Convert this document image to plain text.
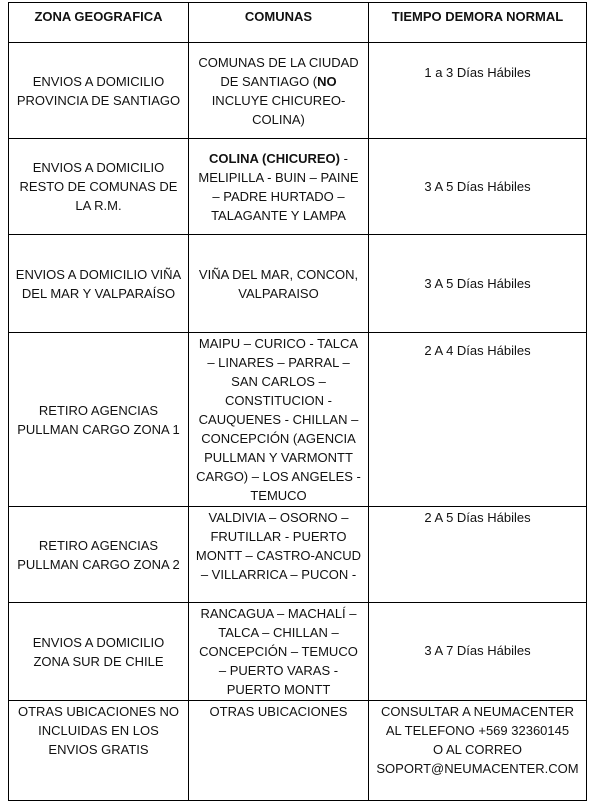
ZONA GEOGRAFICA	COMUNAS	TIEMPO DEMORA NORMAL
ENVIOS A DOMICILIO PROVINCIA DE SANTIAGO	COMUNAS DE LA CIUDAD DE SANTIAGO (NO INCLUYE CHICUREO-COLINA)	1 a 3 Días Hábiles
ENVIOS A DOMICILIO RESTO DE COMUNAS DE LA R.M.	COLINA (CHICUREO) - MELIPILLA - BUIN – PAINE – PADRE HURTADO – TALAGANTE Y LAMPA	3 A 5 Días Hábiles
ENVIOS A DOMICILIO VIÑA DEL MAR Y VALPARAÍSO	VIÑA DEL MAR, CONCON, VALPARAISO	3 A 5 Días Hábiles
RETIRO AGENCIAS PULLMAN CARGO ZONA 1	MAIPU – CURICO - TALCA – LINARES – PARRAL – SAN CARLOS – CONSTITUCION - CAUQUENES - CHILLAN – CONCEPCIÓN (AGENCIA PULLMAN Y VARMONTT CARGO) – LOS ANGELES - TEMUCO	2 A 4 Días Hábiles
RETIRO AGENCIAS PULLMAN CARGO ZONA 2	VALDIVIA – OSORNO – FRUTILLAR - PUERTO MONTT – CASTRO-ANCUD – VILLARRICA – PUCON -	2 A 5 Días Hábiles
ENVIOS A DOMICILIO ZONA SUR DE CHILE	RANCAGUA – MACHALÍ – TALCA – CHILLAN – CONCEPCIÓN – TEMUCO – PUERTO VARAS - PUERTO MONTT	3 A 7 Días Hábiles
OTRAS UBICACIONES NO INCLUIDAS EN LOS ENVIOS GRATIS	OTRAS UBICACIONES	CONSULTAR A NEUMACENTER AL TELEFONO +569 32360145
O AL CORREO
SOPORT@NEUMACENTER.COM
